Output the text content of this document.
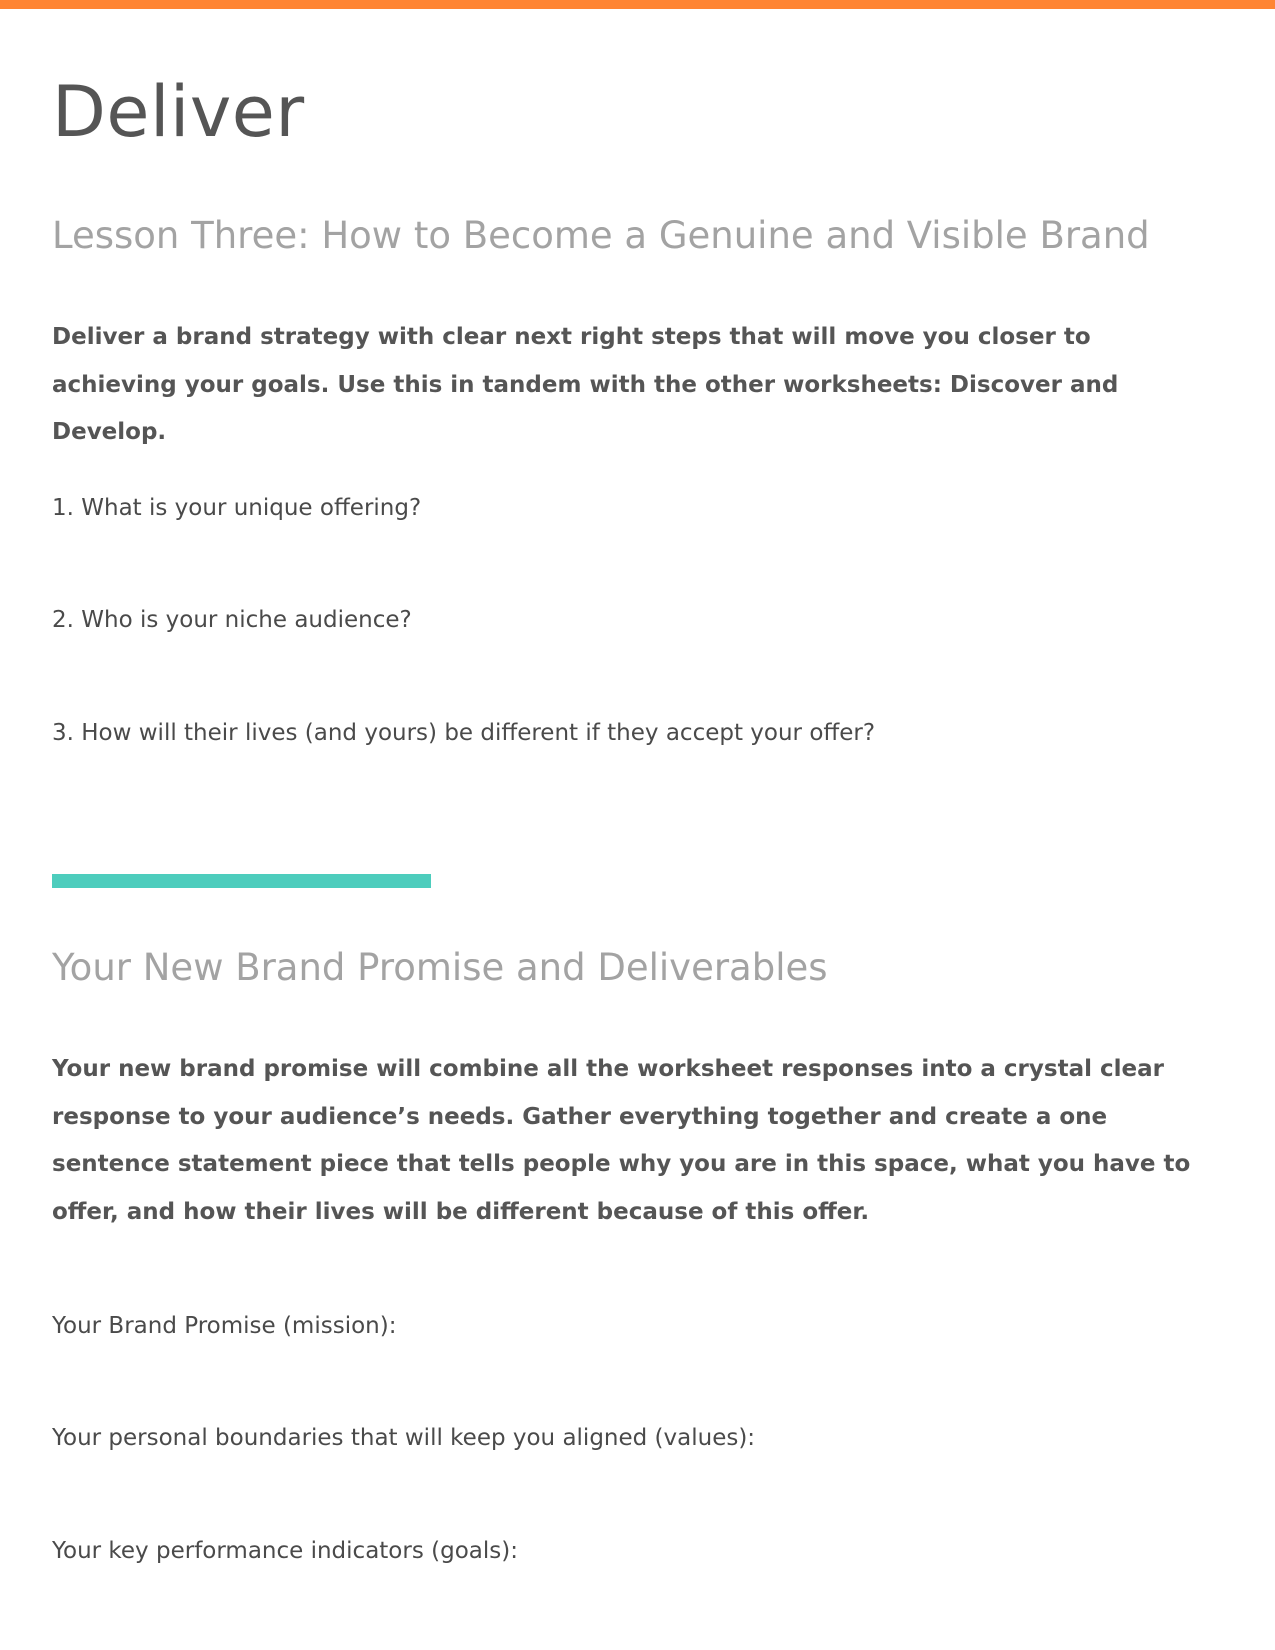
Deliver
Lesson Three: How to Become a Genuine and Visible Brand

Deliver a brand strategy with clear next right steps that will move you closer to achieving your goals. Use this in tandem with the other worksheets: Discover and Develop.

1. What is your unique offering?

2. Who is your niche audience?

3. How will their lives (and yours) be different if they accept your offer?

Your New Brand Promise and Deliverables

Your new brand promise will combine all the worksheet responses into a crystal clear response to your audience’s needs. Gather everything together and create a one sentence statement piece that tells people why you are in this space, what you have to offer, and how their lives will be different because of this offer.

Your Brand Promise (mission):

Your personal boundaries that will keep you aligned (values):

Your key performance indicators (goals):
